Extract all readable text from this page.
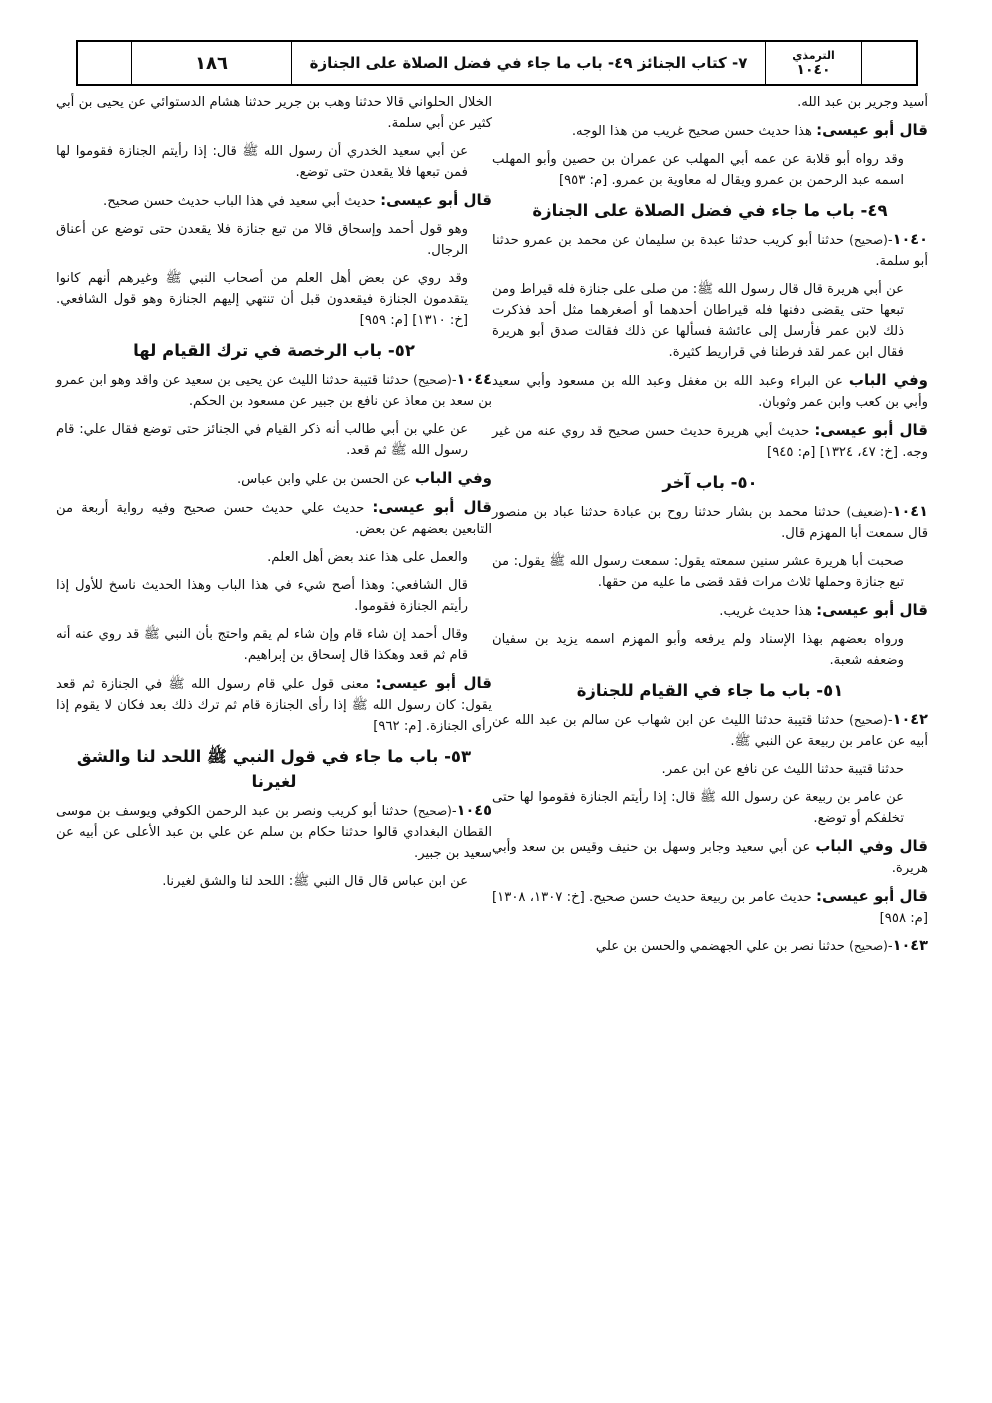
١٨٦	٧- كتاب الجنائز ٤٩- باب ما جاء في فضل الصلاة على الجنازة	الترمذي
١٠٤٠

أسيد وجرير بن عبد الله.

قال أبو عيسى: هذا حديث حسن صحيح غريب من هذا الوجه.

وقد رواه أبو قلابة عن عمه أبي المهلب عن عمران بن حصين وأبو المهلب اسمه عبد الرحمن بن عمرو ويقال له معاوية بن عمرو. [م: ٩٥٣]

٤٩- باب ما جاء في فضل الصلاة على الجنازة

١٠٤٠-(صحيح) حدثنا أبو كريب حدثنا عبدة بن سليمان عن محمد بن عمرو حدثنا أبو سلمة.

عن أبي هريرة قال قال رسول الله ﷺ: من صلى على جنازة فله قيراط ومن تبعها حتى يقضى دفنها فله قيراطان أحدهما أو أصغرهما مثل أحد فذكرت ذلك لابن عمر فأرسل إلى عائشة فسألها عن ذلك فقالت صدق أبو هريرة فقال ابن عمر لقد فرطنا في قراريط كثيرة.

وفي الباب عن البراء وعبد الله بن مغفل وعبد الله بن مسعود وأبي سعيد وأبي بن كعب وابن عمر وثوبان.

قال أبو عيسى: حديث أبي هريرة حديث حسن صحيح قد روي عنه من غير وجه. [خ: ٤٧، ١٣٢٤] [م: ٩٤٥]

٥٠- باب آخر

١٠٤١-(ضعيف) حدثنا محمد بن بشار حدثنا روح بن عبادة حدثنا عباد بن منصور قال سمعت أبا المهزم قال.

صحبت أبا هريرة عشر سنين سمعته يقول: سمعت رسول الله ﷺ يقول: من تبع جنازة وحملها ثلاث مرات فقد قضى ما عليه من حقها.

قال أبو عيسى: هذا حديث غريب.

ورواه بعضهم بهذا الإسناد ولم يرفعه وأبو المهزم اسمه يزيد بن سفيان وضعفه شعبة.

٥١- باب ما جاء في القيام للجنازة

١٠٤٢-(صحيح) حدثنا قتيبة حدثنا الليث عن ابن شهاب عن سالم بن عبد الله عن أبيه عن عامر بن ربيعة عن النبي ﷺ.

حدثنا قتيبة حدثنا الليث عن نافع عن ابن عمر.

عن عامر بن ربيعة عن رسول الله ﷺ قال: إذا رأيتم الجنازة فقوموا لها حتى تخلفكم أو توضع.

قال وفي الباب عن أبي سعيد وجابر وسهل بن حنيف وقيس بن سعد وأبي هريرة.

قال أبو عيسى: حديث عامر بن ربيعة حديث حسن صحيح. [خ: ١٣٠٧، ١٣٠٨] [م: ٩٥٨]

١٠٤٣-(صحيح) حدثنا نصر بن علي الجهضمي والحسن بن علي

الخلال الحلواني قالا حدثنا وهب بن جرير حدثنا هشام الدستوائي عن يحيى بن أبي كثير عن أبي سلمة.

عن أبي سعيد الخدري أن رسول الله ﷺ قال: إذا رأيتم الجنازة فقوموا لها فمن تبعها فلا يقعدن حتى توضع.

قال أبو عيسى: حديث أبي سعيد في هذا الباب حديث حسن صحيح.

وهو قول أحمد وإسحاق قالا من تبع جنازة فلا يقعدن حتى توضع عن أعناق الرجال.

وقد روي عن بعض أهل العلم من أصحاب النبي ﷺ وغيرهم أنهم كانوا يتقدمون الجنازة فيقعدون قبل أن تنتهي إليهم الجنازة وهو قول الشافعي. [خ: ١٣١٠] [م: ٩٥٩]

٥٢- باب الرخصة في ترك القيام لها

١٠٤٤-(صحيح) حدثنا قتيبة حدثنا الليث عن يحيى بن سعيد عن واقد وهو ابن عمرو بن سعد بن معاذ عن نافع بن جبير عن مسعود بن الحكم.

عن علي بن أبي طالب أنه ذكر القيام في الجنائز حتى توضع فقال علي: قام رسول الله ﷺ ثم قعد.

وفي الباب عن الحسن بن علي وابن عباس.

قال أبو عيسى: حديث علي حديث حسن صحيح وفيه رواية أربعة من التابعين بعضهم عن بعض.

والعمل على هذا عند بعض أهل العلم.

قال الشافعي: وهذا أصح شيء في هذا الباب وهذا الحديث ناسخ للأول إذا رأيتم الجنازة فقوموا.

وقال أحمد إن شاء قام وإن شاء لم يقم واحتج بأن النبي ﷺ قد روي عنه أنه قام ثم قعد وهكذا قال إسحاق بن إبراهيم.

قال أبو عيسى: معنى قول علي قام رسول الله ﷺ في الجنازة ثم قعد يقول: كان رسول الله ﷺ إذا رأى الجنازة قام ثم ترك ذلك بعد فكان لا يقوم إذا رأى الجنازة. [م: ٩٦٢]

٥٣- باب ما جاء في قول النبي ﷺ اللحد لنا والشق لغيرنا

١٠٤٥-(صحيح) حدثنا أبو كريب ونصر بن عبد الرحمن الكوفي ويوسف بن موسى القطان البغدادي قالوا حدثنا حكام بن سلم عن علي بن عبد الأعلى عن أبيه عن سعيد بن جبير.

عن ابن عباس قال قال النبي ﷺ: اللحد لنا والشق لغيرنا.
